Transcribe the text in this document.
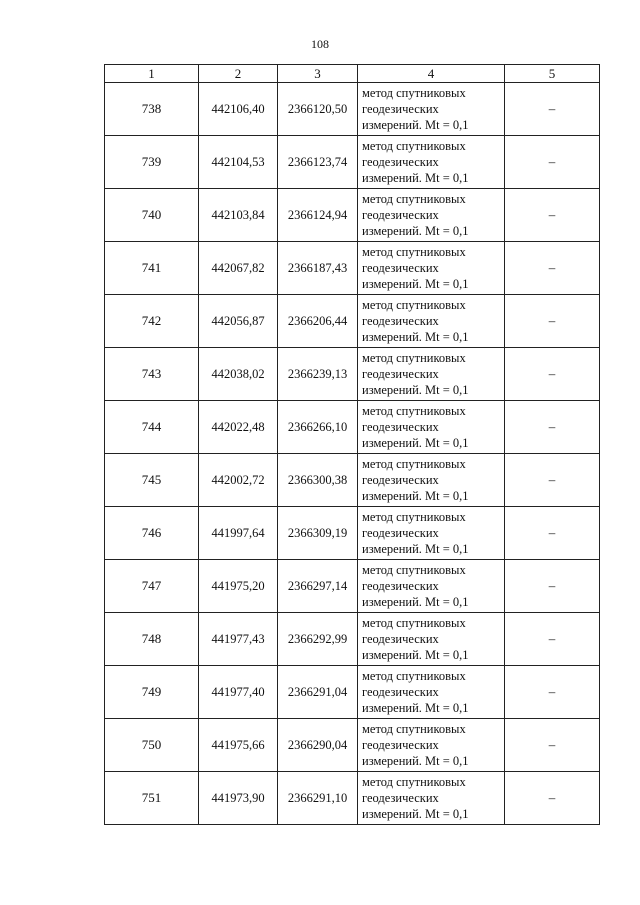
108
1	2	3	4	5
738	442106,40	2366120,50	метод спутниковых
геодезических
измерений. Mt = 0,1	–
739	442104,53	2366123,74	метод спутниковых
геодезических
измерений. Mt = 0,1	–
740	442103,84	2366124,94	метод спутниковых
геодезических
измерений. Mt = 0,1	–
741	442067,82	2366187,43	метод спутниковых
геодезических
измерений. Mt = 0,1	–
742	442056,87	2366206,44	метод спутниковых
геодезических
измерений. Mt = 0,1	–
743	442038,02	2366239,13	метод спутниковых
геодезических
измерений. Mt = 0,1	–
744	442022,48	2366266,10	метод спутниковых
геодезических
измерений. Mt = 0,1	–
745	442002,72	2366300,38	метод спутниковых
геодезических
измерений. Mt = 0,1	–
746	441997,64	2366309,19	метод спутниковых
геодезических
измерений. Mt = 0,1	–
747	441975,20	2366297,14	метод спутниковых
геодезических
измерений. Mt = 0,1	–
748	441977,43	2366292,99	метод спутниковых
геодезических
измерений. Mt = 0,1	–
749	441977,40	2366291,04	метод спутниковых
геодезических
измерений. Mt = 0,1	–
750	441975,66	2366290,04	метод спутниковых
геодезических
измерений. Mt = 0,1	–
751	441973,90	2366291,10	метод спутниковых
геодезических
измерений. Mt = 0,1	–
